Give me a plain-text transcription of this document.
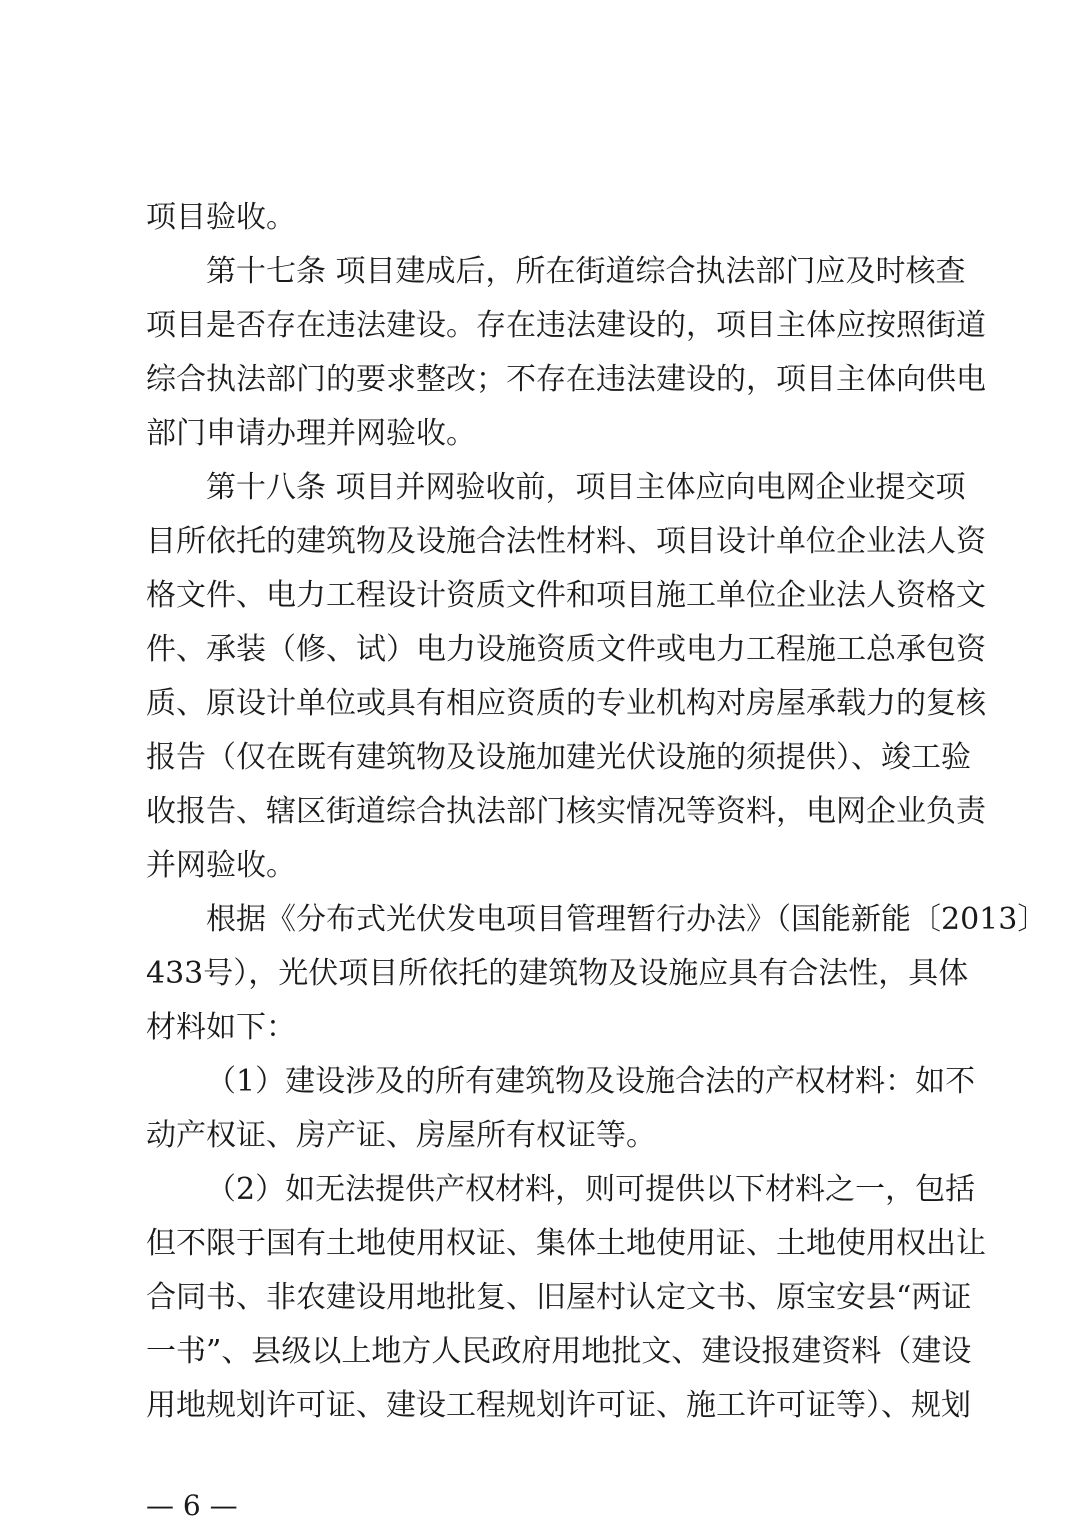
项目验收。
第十七条 项目建成后，所在街道综合执法部门应及时核查
项目是否存在违法建设。存在违法建设的，项目主体应按照街道
综合执法部门的要求整改；不存在违法建设的，项目主体向供电
部门申请办理并网验收。
第十八条 项目并网验收前，项目主体应向电网企业提交项
目所依托的建筑物及设施合法性材料、项目设计单位企业法人资
格文件、电力工程设计资质文件和项目施工单位企业法人资格文
件、承装（修、试）电力设施资质文件或电力工程施工总承包资
质、原设计单位或具有相应资质的专业机构对房屋承载力的复核
报告（仅在既有建筑物及设施加建光伏设施的须提供）、竣工验
收报告、辖区街道综合执法部门核实情况等资料，电网企业负责
并网验收。
根据《分布式光伏发电项目管理暂行办法》（国能新能〔2013〕
433号），光伏项目所依托的建筑物及设施应具有合法性，具体
材料如下：
（1）建设涉及的所有建筑物及设施合法的产权材料：如不
动产权证、房产证、房屋所有权证等。
（2）如无法提供产权材料，则可提供以下材料之一，包括
但不限于国有土地使用权证、集体土地使用证、土地使用权出让
合同书、非农建设用地批复、旧屋村认定文书、原宝安县“两证
一书”、县级以上地方人民政府用地批文、建设报建资料（建设
用地规划许可证、建设工程规划许可证、施工许可证等）、规划
— 6 —
